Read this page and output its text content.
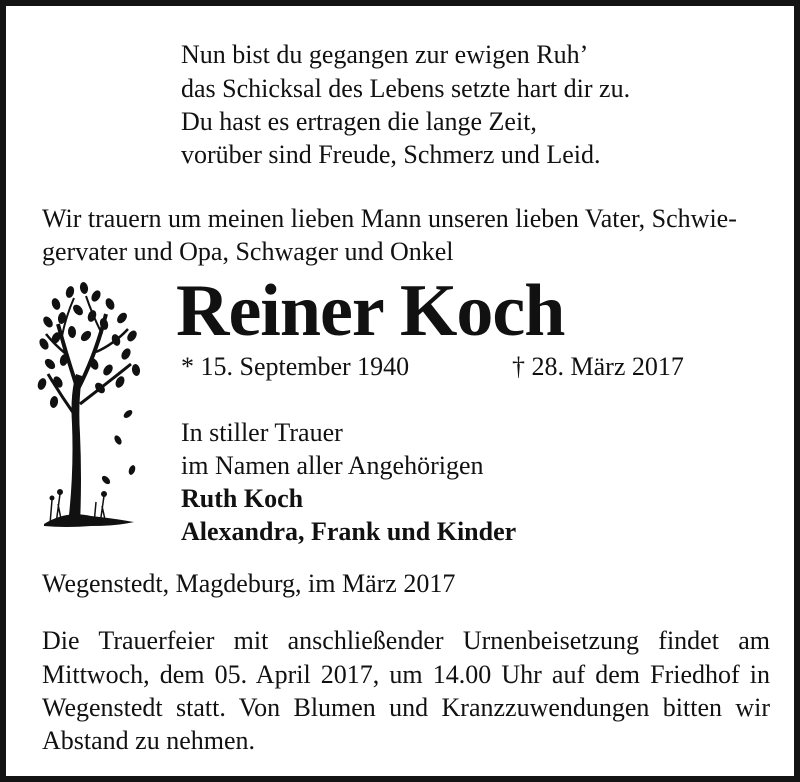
Nun bist du gegangen zur ewigen Ruh’
das Schicksal des Lebens setzte hart dir zu.
Du hast es ertragen die lange Zeit,
vorüber sind Freude, Schmerz und Leid.
Wir trauern um meinen lieben Mann unseren lieben Vater, Schwie-
gervater und Opa, Schwager und Onkel
Reiner Koch
* 15. September 1940	† 28. März 2017
In stiller Trauer
im Namen aller Angehörigen
Ruth Koch
Alexandra, Frank und Kinder
Wegenstedt, Magdeburg, im März 2017
Die Trauerfeier mit anschließender Urnenbeisetzung findet am
Mittwoch, dem 05. April 2017, um 14.00 Uhr auf dem Friedhof in
Wegenstedt statt. Von Blumen und Kranzzuwendungen bitten wir
Abstand zu nehmen.
